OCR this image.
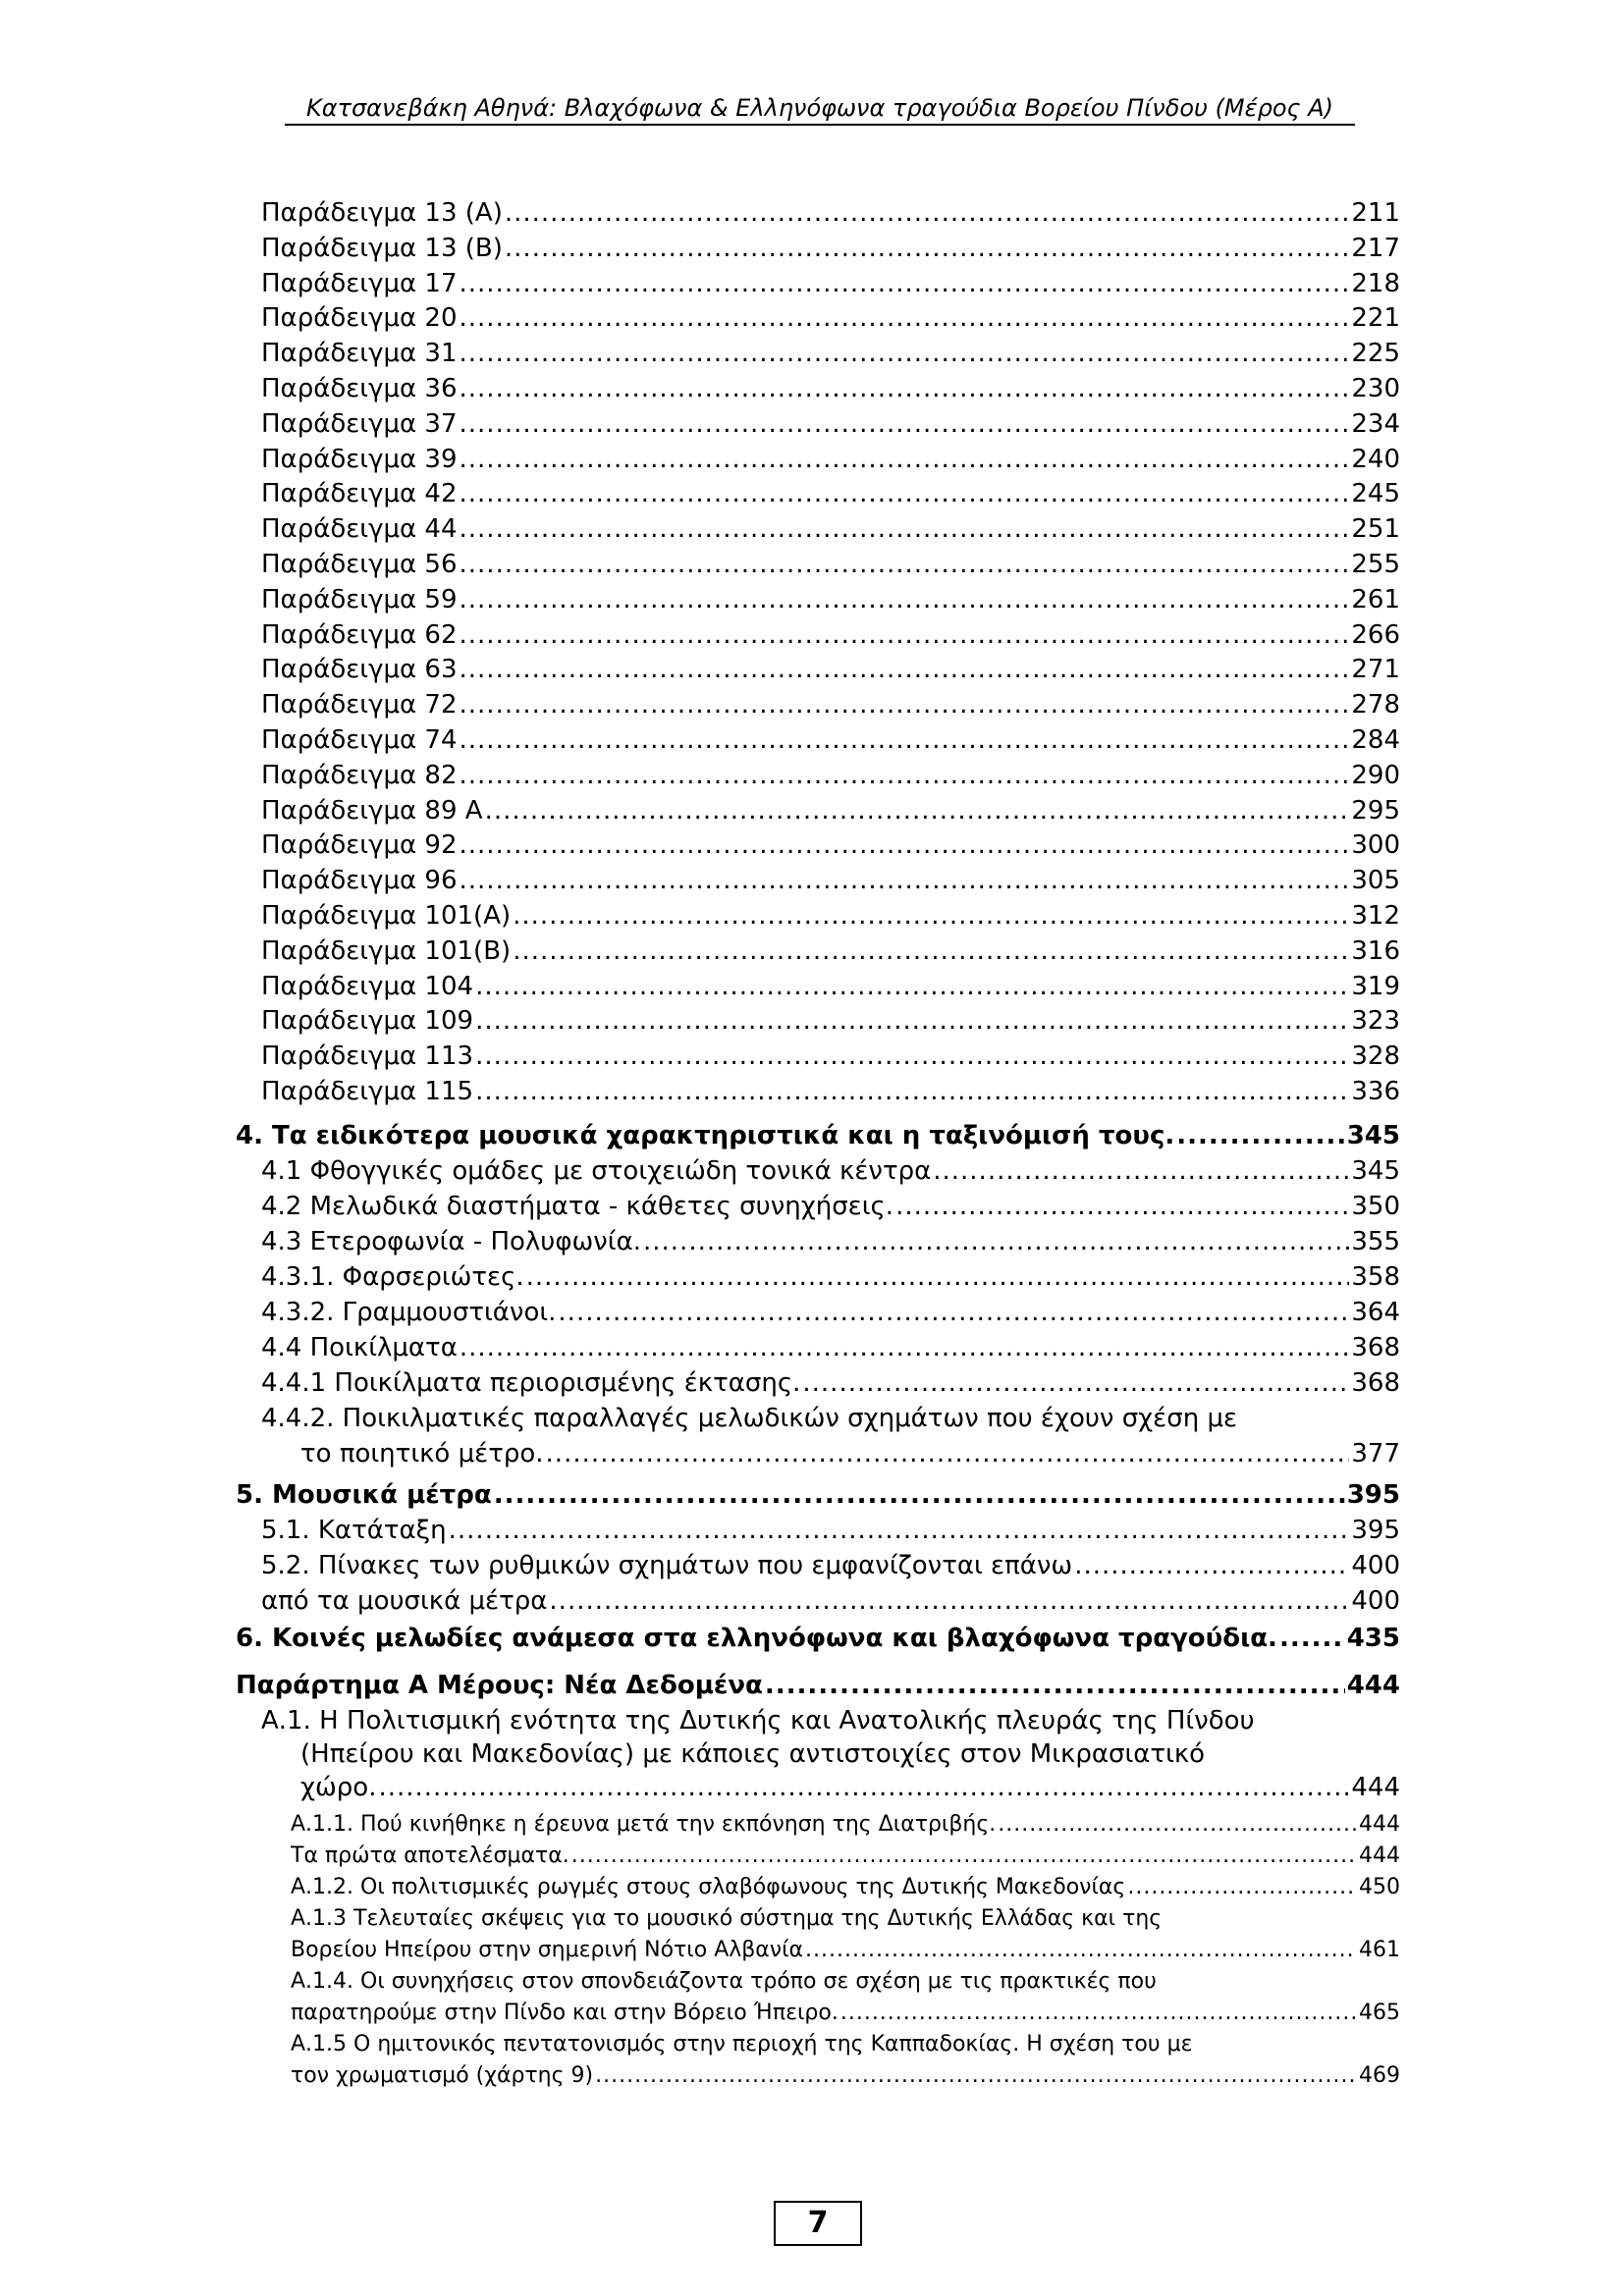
Κατσανεβάκη Αθηνά: Βλαχόφωνα & Ελληνόφωνα τραγούδια Βορείου Πίνδου (Μέρος Α)
Παράδειγμα 13 (Α) .....	211
Παράδειγμα 13 (Β) .....	217
Παράδειγμα 17 .....	218
Παράδειγμα 20 .....	221
Παράδειγμα 31 .....	225
Παράδειγμα 36 .....	230
Παράδειγμα 37 .....	234
Παράδειγμα 39 .....	240
Παράδειγμα 42 .....	245
Παράδειγμα 44 .....	251
Παράδειγμα 56 .....	255
Παράδειγμα 59 .....	261
Παράδειγμα 62 .....	266
Παράδειγμα 63 .....	271
Παράδειγμα 72 .....	278
Παράδειγμα 74 .....	284
Παράδειγμα 82 .....	290
Παράδειγμα 89 Α .....	295
Παράδειγμα 92 .....	300
Παράδειγμα 96 .....	305
Παράδειγμα 101(Α) .....	312
Παράδειγμα 101(Β) .....	316
Παράδειγμα 104 .....	319
Παράδειγμα 109 .....	323
Παράδειγμα 113 .....	328
Παράδειγμα 115 .....	336
4. Τα ειδικότερα μουσικά χαρακτηριστικά και η ταξινόμισή τους. .....	345
4.1 Φθογγικές ομάδες με στοιχειώδη τονικά κέντρα .....	345
4.2 Μελωδικά διαστήματα - κάθετες συνηχήσεις. .....	350
4.3 Ετεροφωνία - Πολυφωνία. .....	355
4.3.1. Φαρσεριώτες. .....	358
4.3.2. Γραμμουστιάνοι. .....	364
4.4 Ποικίλματα .....	368
4.4.1 Ποικίλματα περιορισμένης έκτασης. .....	368
4.4.2. Ποικιλματικές παραλλαγές μελωδικών σχημάτων που έχουν σχέση με
το ποιητικό μέτρο. .....	377
5. Μουσικά μέτρα .....	395
5.1. Κατάταξη .....	395
5.2. Πίνακες των ρυθμικών σχημάτων που εμφανίζονται επάνω .....	400
από τα μουσικά μέτρα .....	400
6. Κοινές μελωδίες ανάμεσα στα ελληνόφωνα και βλαχόφωνα τραγούδια. .....	435
Παράρτημα Α Μέρους: Νέα Δεδομένα .....	444
Α.1. Η Πολιτισμική ενότητα της Δυτικής και Ανατολικής πλευράς της Πίνδου
(Ηπείρου και Μακεδονίας) με κάποιες αντιστοιχίες στον Μικρασιατικό
χώρο. .....	444
Α.1.1. Πού κινήθηκε η έρευνα μετά την εκπόνηση της Διατριβής. .....	444
Τα πρώτα αποτελέσματα. .....	444
Α.1.2. Οι πολιτισμικές ρωγμές στους σλαβόφωνους της Δυτικής Μακεδονίας .....	450
Α.1.3 Τελευταίες σκέψεις για το μουσικό σύστημα της Δυτικής Ελλάδας και της
Βορείου Ηπείρου στην σημερινή Νότιο Αλβανία .....	461
Α.1.4. Οι συνηχήσεις στον σπονδειάζοντα τρόπο σε σχέση με τις πρακτικές που
παρατηρούμε στην Πίνδο και στην Βόρειο Ήπειρο. .....	465
Α.1.5 Ο ημιτονικός πεντατονισμός στην περιοχή της Καππαδοκίας. Η σχέση του με
τον χρωματισμό (χάρτης 9) .....	469
7
